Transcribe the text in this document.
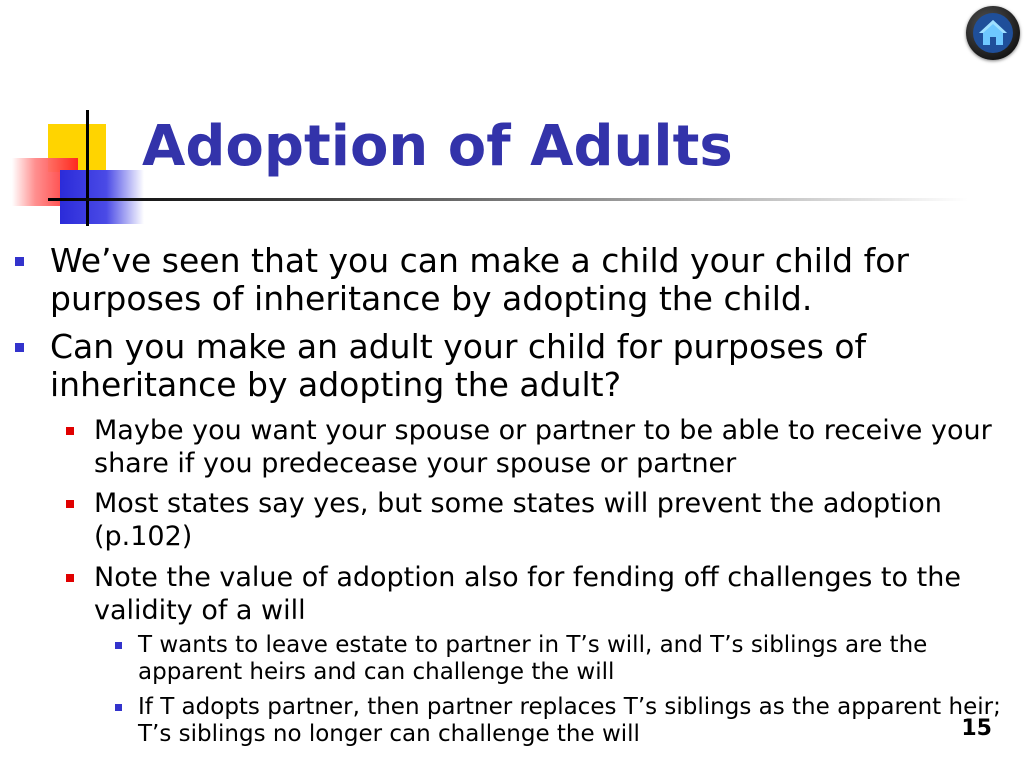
Adoption of Adults
We’ve seen that you can make a child your child for purposes of inheritance by adopting the child.
Can you make an adult your child for purposes of inheritance by adopting the adult?
Maybe you want your spouse or partner to be able to receive your share if you predecease your spouse or partner
Most states say yes, but some states will prevent the adoption (p.102)
Note the value of adoption also for fending off challenges to the validity of a will
T wants to leave estate to partner in T’s will, and T’s siblings are the apparent heirs and can challenge the will
If T adopts partner, then partner replaces T’s siblings as the apparent heir; T’s siblings no longer can challenge the will	15
